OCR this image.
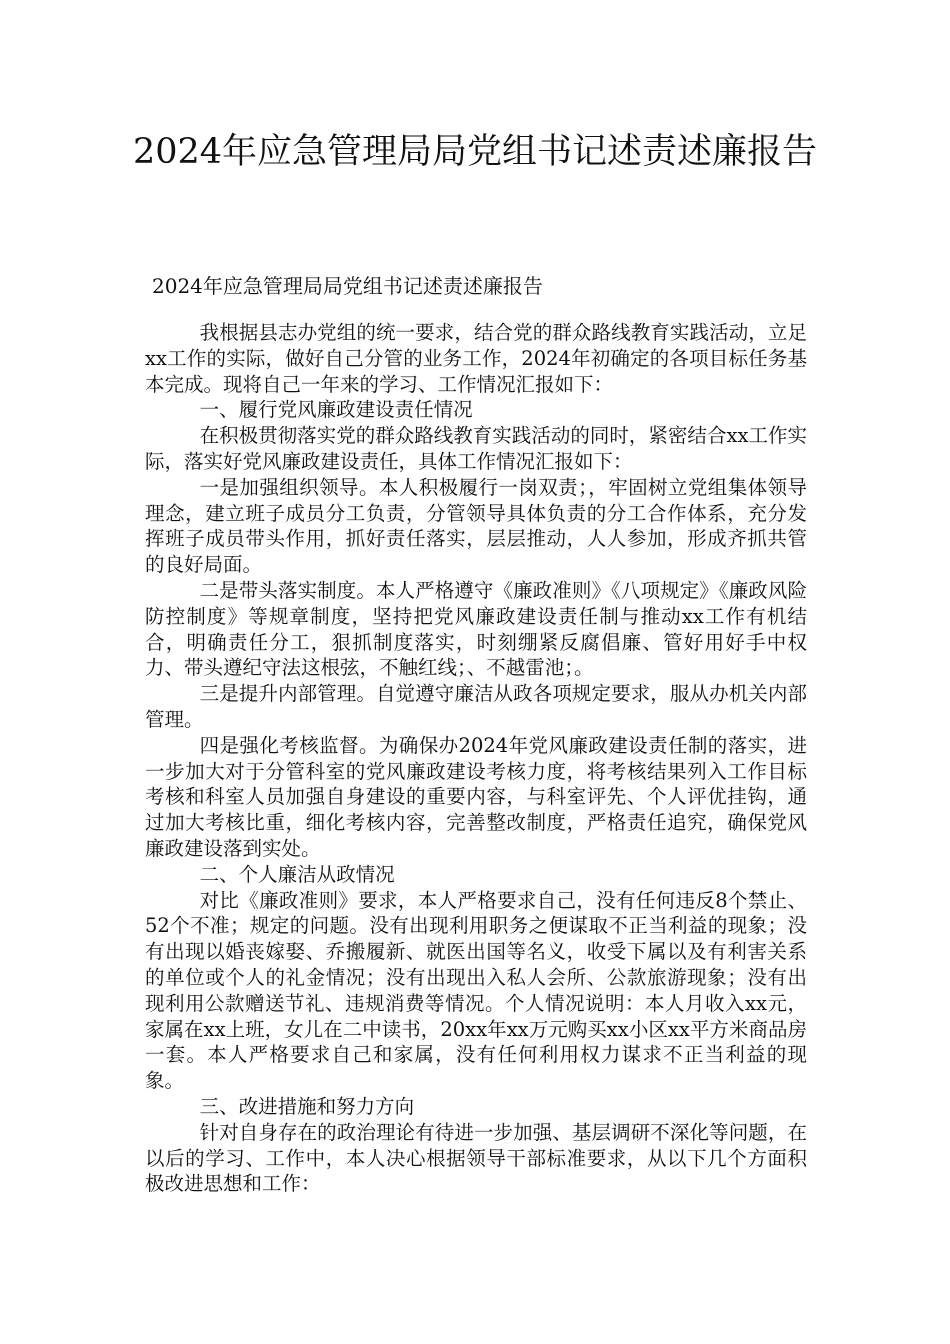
2024年应急管理局局党组书记述责述廉报告
2024年应急管理局局党组书记述责述廉报告

我根据县志办党组的统一要求，结合党的群众路线教育实践活动，立足xx工作的实际，做好自己分管的业务工作，2024年初确定的各项目标任务基本完成。现将自己一年来的学习、工作情况汇报如下：

一、履行党风廉政建设责任情况

在积极贯彻落实党的群众路线教育实践活动的同时，紧密结合xx工作实际，落实好党风廉政建设责任，具体工作情况汇报如下：

一是加强组织领导。本人积极履行一岗双责；，牢固树立党组集体领导理念，建立班子成员分工负责，分管领导具体负责的分工合作体系，充分发挥班子成员带头作用，抓好责任落实，层层推动，人人参加，形成齐抓共管的良好局面。

二是带头落实制度。本人严格遵守《廉政准则》《八项规定》《廉政风险防控制度》等规章制度，坚持把党风廉政建设责任制与推动xx工作有机结合，明确责任分工，狠抓制度落实，时刻绷紧反腐倡廉、管好用好手中权力、带头遵纪守法这根弦，不触红线；、不越雷池；。

三是提升内部管理。自觉遵守廉洁从政各项规定要求，服从办机关内部管理。

四是强化考核监督。为确保办2024年党风廉政建设责任制的落实，进一步加大对于分管科室的党风廉政建设考核力度，将考核结果列入工作目标考核和科室人员加强自身建设的重要内容，与科室评先、个人评优挂钩，通过加大考核比重，细化考核内容，完善整改制度，严格责任追究，确保党风廉政建设落到实处。

二、个人廉洁从政情况

对比《廉政准则》要求，本人严格要求自己，没有任何违反8个禁止、52个不准；规定的问题。没有出现利用职务之便谋取不正当利益的现象；没有出现以婚丧嫁娶、乔搬履新、就医出国等名义，收受下属以及有利害关系的单位或个人的礼金情况；没有出现出入私人会所、公款旅游现象；没有出现利用公款赠送节礼、违规消费等情况。个人情况说明：本人月收入xx元，家属在xx上班，女儿在二中读书，20xx年xx万元购买xx小区xx平方米商品房一套。本人严格要求自己和家属，没有任何利用权力谋求不正当利益的现象。

三、改进措施和努力方向

针对自身存在的政治理论有待进一步加强、基层调研不深化等问题，在以后的学习、工作中，本人决心根据领导干部标准要求，从以下几个方面积极改进思想和工作：
